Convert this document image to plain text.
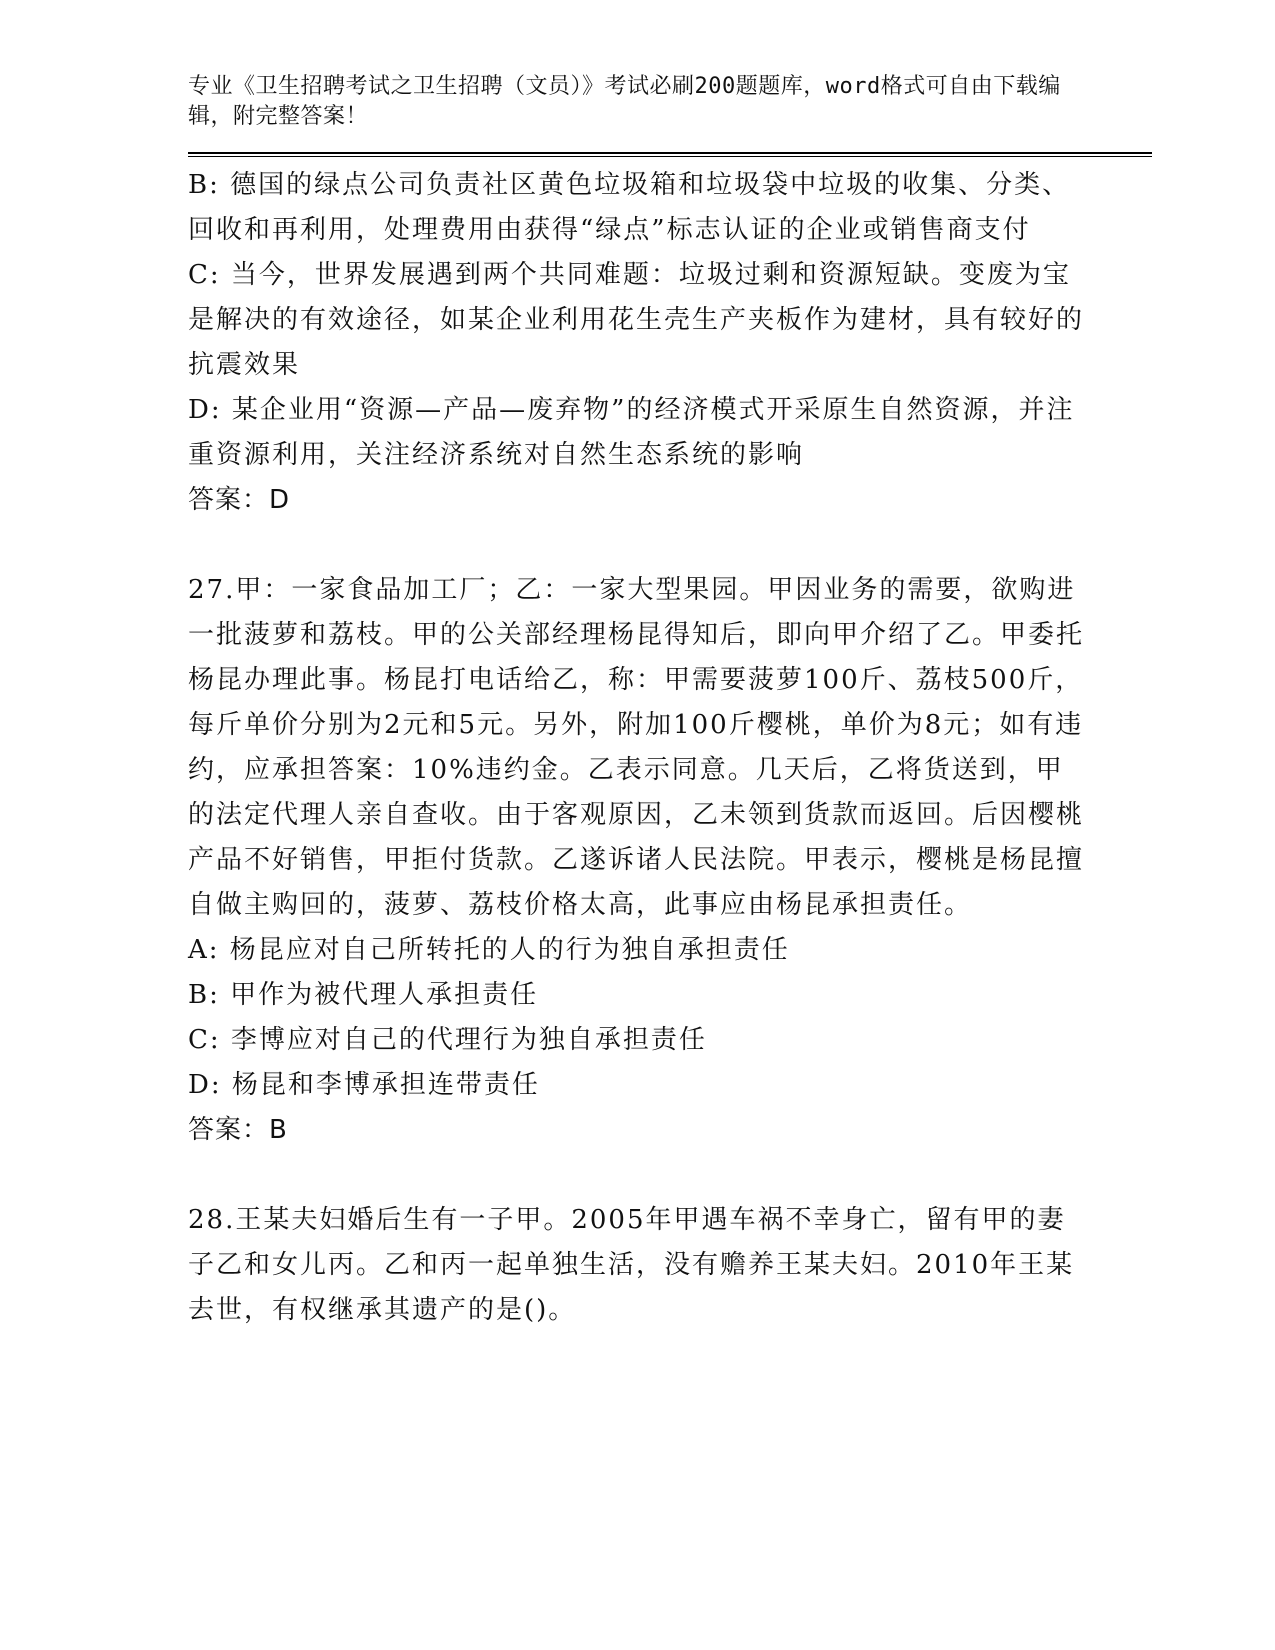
专业《卫生招聘考试之卫生招聘（文员）》考试必刷200题题库，word格式可自由下载编辑，附完整答案！

B: 德国的绿点公司负责社区黄色垃圾箱和垃圾袋中垃圾的收集、分类、回收和再利用，处理费用由获得“绿点”标志认证的企业或销售商支付

C: 当今，世界发展遇到两个共同难题：垃圾过剩和资源短缺。变废为宝是解决的有效途径，如某企业利用花生壳生产夹板作为建材，具有较好的抗震效果

D: 某企业用“资源—产品—废弃物”的经济模式开采原生自然资源，并注重资源利用，关注经济系统对自然生态系统的影响

答案：D

27.甲：一家食品加工厂；乙：一家大型果园。甲因业务的需要，欲购进一批菠萝和荔枝。甲的公关部经理杨昆得知后，即向甲介绍了乙。甲委托杨昆办理此事。杨昆打电话给乙，称：甲需要菠萝100斤、荔枝500斤，每斤单价分别为2元和5元。另外，附加100斤樱桃，单价为8元；如有违约，应承担答案：10%违约金。乙表示同意。几天后，乙将货送到，甲的法定代理人亲自查收。由于客观原因，乙未领到货款而返回。后因樱桃产品不好销售，甲拒付货款。乙遂诉诸人民法院。甲表示，樱桃是杨昆擅自做主购回的，菠萝、荔枝价格太高，此事应由杨昆承担责任。

A: 杨昆应对自己所转托的人的行为独自承担责任

B: 甲作为被代理人承担责任

C: 李博应对自己的代理行为独自承担责任

D: 杨昆和李博承担连带责任

答案：B

28.王某夫妇婚后生有一子甲。2005年甲遇车祸不幸身亡，留有甲的妻子乙和女儿丙。乙和丙一起单独生活，没有赡养王某夫妇。2010年王某去世，有权继承其遗产的是()。
